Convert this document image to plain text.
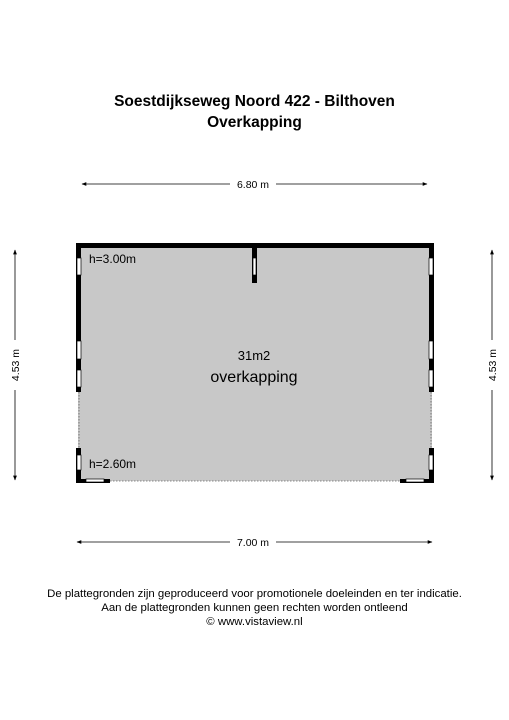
Soestdijkseweg Noord 422 - Bilthoven
Overkapping
6.80 m
7.00 m
4.53 m	4.53 m
h=3.00m
h=2.60m
31m2
overkapping
De plattegronden zijn geproduceerd voor promotionele doeleinden en ter indicatie.
Aan de plattegronden kunnen geen rechten worden ontleend
© www.vistaview.nl
